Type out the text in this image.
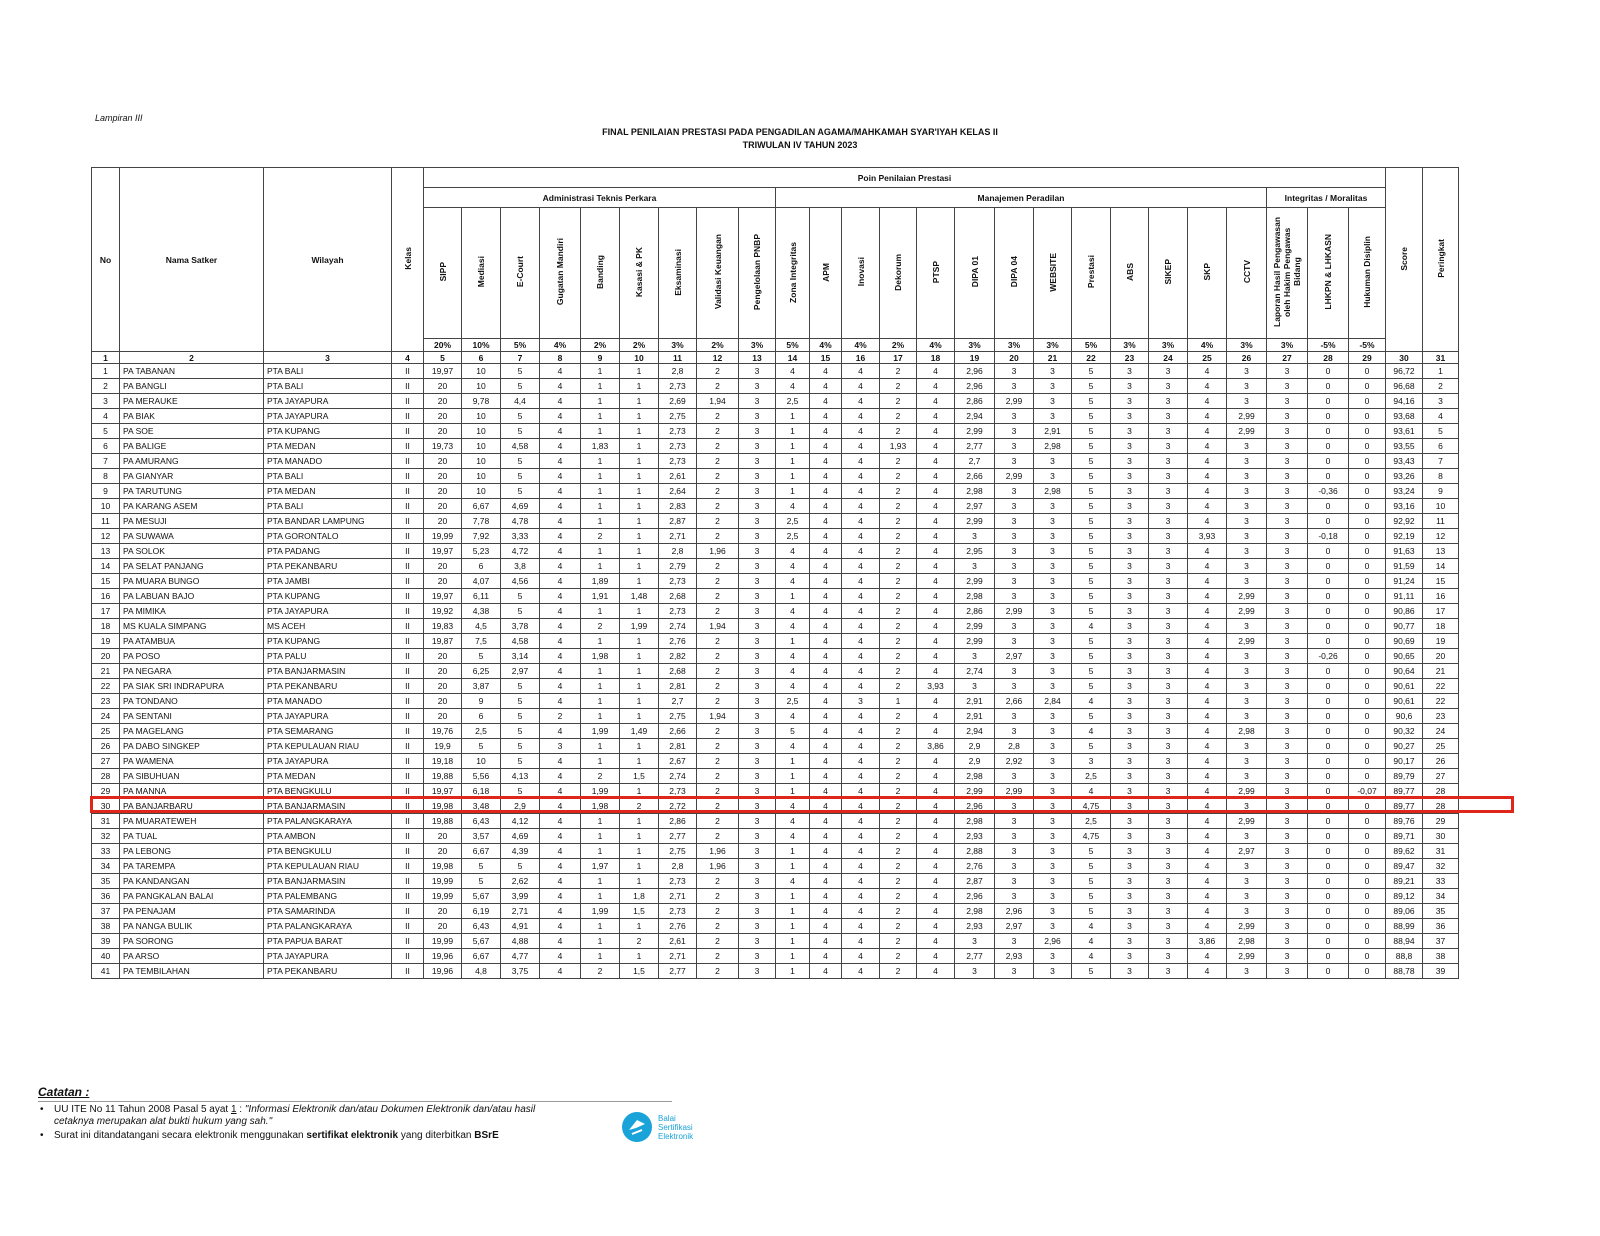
Lampiran III
FINAL PENILAIAN PRESTASI PADA PENGADILAN AGAMA/MAHKAMAH SYAR'IYAH KELAS II
TRIWULAN IV TAHUN 2023
No	Nama Satker	Wilayah	Kelas	Poin Penilaian Prestasi																									Score	Peringkat
				Administrasi Teknis Perkara									Manajemen Peradilan													Integritas / Moralitas				
				SIPP	Mediasi	E-Court	Gugatan Mandiri	Banding	Kasasi & PK	Eksaminasi	Validasi Keuangan	Pengelolaan PNBP	Zona Integritas	APM	Inovasi	Dekorum	PTSP	DIPA 01	DIPA 04	WEBSITE	Prestasi	ABS	SIKEP	SKP	CCTV	Laporan Hasil Pengawasan oleh Hakim Pengawas Bidang	LHKPN & LHKASN	Hukuman Disiplin		
				20%	10%	5%	4%	2%	2%	3%	2%	3%	5%	4%	4%	2%	4%	3%	3%	3%	5%	3%	3%	4%	3%	3%	-5%	-5%		
1	2	3	4	5	6	7	8	9	10	11	12	13	14	15	16	17	18	19	20	21	22	23	24	25	26	27	28	29	30	31
1	PA TABANAN	PTA BALI	II	19,97	10	5	4	1	1	2,8	2	3	4	4	4	2	4	2,96	3	3	5	3	3	4	3	3	0	0	96,72	1
2	PA BANGLI	PTA BALI	II	20	10	5	4	1	1	2,73	2	3	4	4	4	2	4	2,96	3	3	5	3	3	4	3	3	0	0	96,68	2
3	PA MERAUKE	PTA JAYAPURA	II	20	9,78	4,4	4	1	1	2,69	1,94	3	2,5	4	4	2	4	2,86	2,99	3	5	3	3	4	3	3	0	0	94,16	3
4	PA BIAK	PTA JAYAPURA	II	20	10	5	4	1	1	2,75	2	3	1	4	4	2	4	2,94	3	3	5	3	3	4	2,99	3	0	0	93,68	4
5	PA SOE	PTA KUPANG	II	20	10	5	4	1	1	2,73	2	3	1	4	4	2	4	2,99	3	2,91	5	3	3	4	2,99	3	0	0	93,61	5
6	PA BALIGE	PTA MEDAN	II	19,73	10	4,58	4	1,83	1	2,73	2	3	1	4	4	1,93	4	2,77	3	2,98	5	3	3	4	3	3	0	0	93,55	6
7	PA AMURANG	PTA MANADO	II	20	10	5	4	1	1	2,73	2	3	1	4	4	2	4	2,7	3	3	5	3	3	4	3	3	0	0	93,43	7
8	PA GIANYAR	PTA BALI	II	20	10	5	4	1	1	2,61	2	3	1	4	4	2	4	2,66	2,99	3	5	3	3	4	3	3	0	0	93,26	8
9	PA TARUTUNG	PTA MEDAN	II	20	10	5	4	1	1	2,64	2	3	1	4	4	2	4	2,98	3	2,98	5	3	3	4	3	3	-0,36	0	93,24	9
10	PA KARANG ASEM	PTA BALI	II	20	6,67	4,69	4	1	1	2,83	2	3	4	4	4	2	4	2,97	3	3	5	3	3	4	3	3	0	0	93,16	10
11	PA MESUJI	PTA BANDAR LAMPUNG	II	20	7,78	4,78	4	1	1	2,87	2	3	2,5	4	4	2	4	2,99	3	3	5	3	3	4	3	3	0	0	92,92	11
12	PA SUWAWA	PTA GORONTALO	II	19,99	7,92	3,33	4	2	1	2,71	2	3	2,5	4	4	2	4	3	3	3	5	3	3	3,93	3	3	-0,18	0	92,19	12
13	PA SOLOK	PTA PADANG	II	19,97	5,23	4,72	4	1	1	2,8	1,96	3	4	4	4	2	4	2,95	3	3	5	3	3	4	3	3	0	0	91,63	13
14	PA SELAT PANJANG	PTA PEKANBARU	II	20	6	3,8	4	1	1	2,79	2	3	4	4	4	2	4	3	3	3	5	3	3	4	3	3	0	0	91,59	14
15	PA MUARA BUNGO	PTA JAMBI	II	20	4,07	4,56	4	1,89	1	2,73	2	3	4	4	4	2	4	2,99	3	3	5	3	3	4	3	3	0	0	91,24	15
16	PA LABUAN BAJO	PTA KUPANG	II	19,97	6,11	5	4	1,91	1,48	2,68	2	3	1	4	4	2	4	2,98	3	3	5	3	3	4	2,99	3	0	0	91,11	16
17	PA MIMIKA	PTA JAYAPURA	II	19,92	4,38	5	4	1	1	2,73	2	3	4	4	4	2	4	2,86	2,99	3	5	3	3	4	2,99	3	0	0	90,86	17
18	MS KUALA SIMPANG	MS ACEH	II	19,83	4,5	3,78	4	2	1,99	2,74	1,94	3	4	4	4	2	4	2,99	3	3	4	3	3	4	3	3	0	0	90,77	18
19	PA ATAMBUA	PTA KUPANG	II	19,87	7,5	4,58	4	1	1	2,76	2	3	1	4	4	2	4	2,99	3	3	5	3	3	4	2,99	3	0	0	90,69	19
20	PA POSO	PTA PALU	II	20	5	3,14	4	1,98	1	2,82	2	3	4	4	4	2	4	3	2,97	3	5	3	3	4	3	3	-0,26	0	90,65	20
21	PA NEGARA	PTA BANJARMASIN	II	20	6,25	2,97	4	1	1	2,68	2	3	4	4	4	2	4	2,74	3	3	5	3	3	4	3	3	0	0	90,64	21
22	PA SIAK SRI INDRAPURA	PTA PEKANBARU	II	20	3,87	5	4	1	1	2,81	2	3	4	4	4	2	3,93	3	3	3	5	3	3	4	3	3	0	0	90,61	22
23	PA TONDANO	PTA MANADO	II	20	9	5	4	1	1	2,7	2	3	2,5	4	3	1	4	2,91	2,66	2,84	4	3	3	4	3	3	0	0	90,61	22
24	PA SENTANI	PTA JAYAPURA	II	20	6	5	2	1	1	2,75	1,94	3	4	4	4	2	4	2,91	3	3	5	3	3	4	3	3	0	0	90,6	23
25	PA MAGELANG	PTA SEMARANG	II	19,76	2,5	5	4	1,99	1,49	2,66	2	3	5	4	4	2	4	2,94	3	3	4	3	3	4	2,98	3	0	0	90,32	24
26	PA DABO SINGKEP	PTA KEPULAUAN RIAU	II	19,9	5	5	3	1	1	2,81	2	3	4	4	4	2	3,86	2,9	2,8	3	5	3	3	4	3	3	0	0	90,27	25
27	PA WAMENA	PTA JAYAPURA	II	19,18	10	5	4	1	1	2,67	2	3	1	4	4	2	4	2,9	2,92	3	3	3	3	4	3	3	0	0	90,17	26
28	PA SIBUHUAN	PTA MEDAN	II	19,88	5,56	4,13	4	2	1,5	2,74	2	3	1	4	4	2	4	2,98	3	3	2,5	3	3	4	3	3	0	0	89,79	27
29	PA MANNA	PTA BENGKULU	II	19,97	6,18	5	4	1,99	1	2,73	2	3	1	4	4	2	4	2,99	2,99	3	4	3	3	4	2,99	3	0	-0,07	89,77	28
30	PA BANJARBARU	PTA BANJARMASIN	II	19,98	3,48	2,9	4	1,98	2	2,72	2	3	4	4	4	2	4	2,96	3	3	4,75	3	3	4	3	3	0	0	89,77	28
31	PA MUARATEWEH	PTA PALANGKARAYA	II	19,88	6,43	4,12	4	1	1	2,86	2	3	4	4	4	2	4	2,98	3	3	2,5	3	3	4	2,99	3	0	0	89,76	29
32	PA TUAL	PTA AMBON	II	20	3,57	4,69	4	1	1	2,77	2	3	4	4	4	2	4	2,93	3	3	4,75	3	3	4	3	3	0	0	89,71	30
33	PA LEBONG	PTA BENGKULU	II	20	6,67	4,39	4	1	1	2,75	1,96	3	1	4	4	2	4	2,88	3	3	5	3	3	4	2,97	3	0	0	89,62	31
34	PA TAREMPA	PTA KEPULAUAN RIAU	II	19,98	5	5	4	1,97	1	2,8	1,96	3	1	4	4	2	4	2,76	3	3	5	3	3	4	3	3	0	0	89,47	32
35	PA KANDANGAN	PTA BANJARMASIN	II	19,99	5	2,62	4	1	1	2,73	2	3	4	4	4	2	4	2,87	3	3	5	3	3	4	3	3	0	0	89,21	33
36	PA PANGKALAN BALAI	PTA PALEMBANG	II	19,99	5,67	3,99	4	1	1,8	2,71	2	3	1	4	4	2	4	2,96	3	3	5	3	3	4	3	3	0	0	89,12	34
37	PA PENAJAM	PTA SAMARINDA	II	20	6,19	2,71	4	1,99	1,5	2,73	2	3	1	4	4	2	4	2,98	2,96	3	5	3	3	4	3	3	0	0	89,06	35
38	PA NANGA BULIK	PTA PALANGKARAYA	II	20	6,43	4,91	4	1	1	2,76	2	3	1	4	4	2	4	2,93	2,97	3	4	3	3	4	2,99	3	0	0	88,99	36
39	PA SORONG	PTA PAPUA BARAT	II	19,99	5,67	4,88	4	1	2	2,61	2	3	1	4	4	2	4	3	3	2,96	4	3	3	3,86	2,98	3	0	0	88,94	37
40	PA ARSO	PTA JAYAPURA	II	19,96	6,67	4,77	4	1	1	2,71	2	3	1	4	4	2	4	2,77	2,93	3	4	3	3	4	2,99	3	0	0	88,8	38
41	PA TEMBILAHAN	PTA PEKANBARU	II	19,96	4,8	3,75	4	2	1,5	2,77	2	3	1	4	4	2	4	3	3	3	5	3	3	4	3	3	0	0	88,78	39
Catatan :
• UU ITE No 11 Tahun 2008 Pasal 5 ayat 1 : "Informasi Elektronik dan/atau Dokumen Elektronik dan/atau hasil
cetaknya merupakan alat bukti hukum yang sah."
• Surat ini ditandatangani secara elektronik menggunakan sertifikat elektronik yang diterbitkan BSrE
Balai
Sertifikasi
Elektronik
